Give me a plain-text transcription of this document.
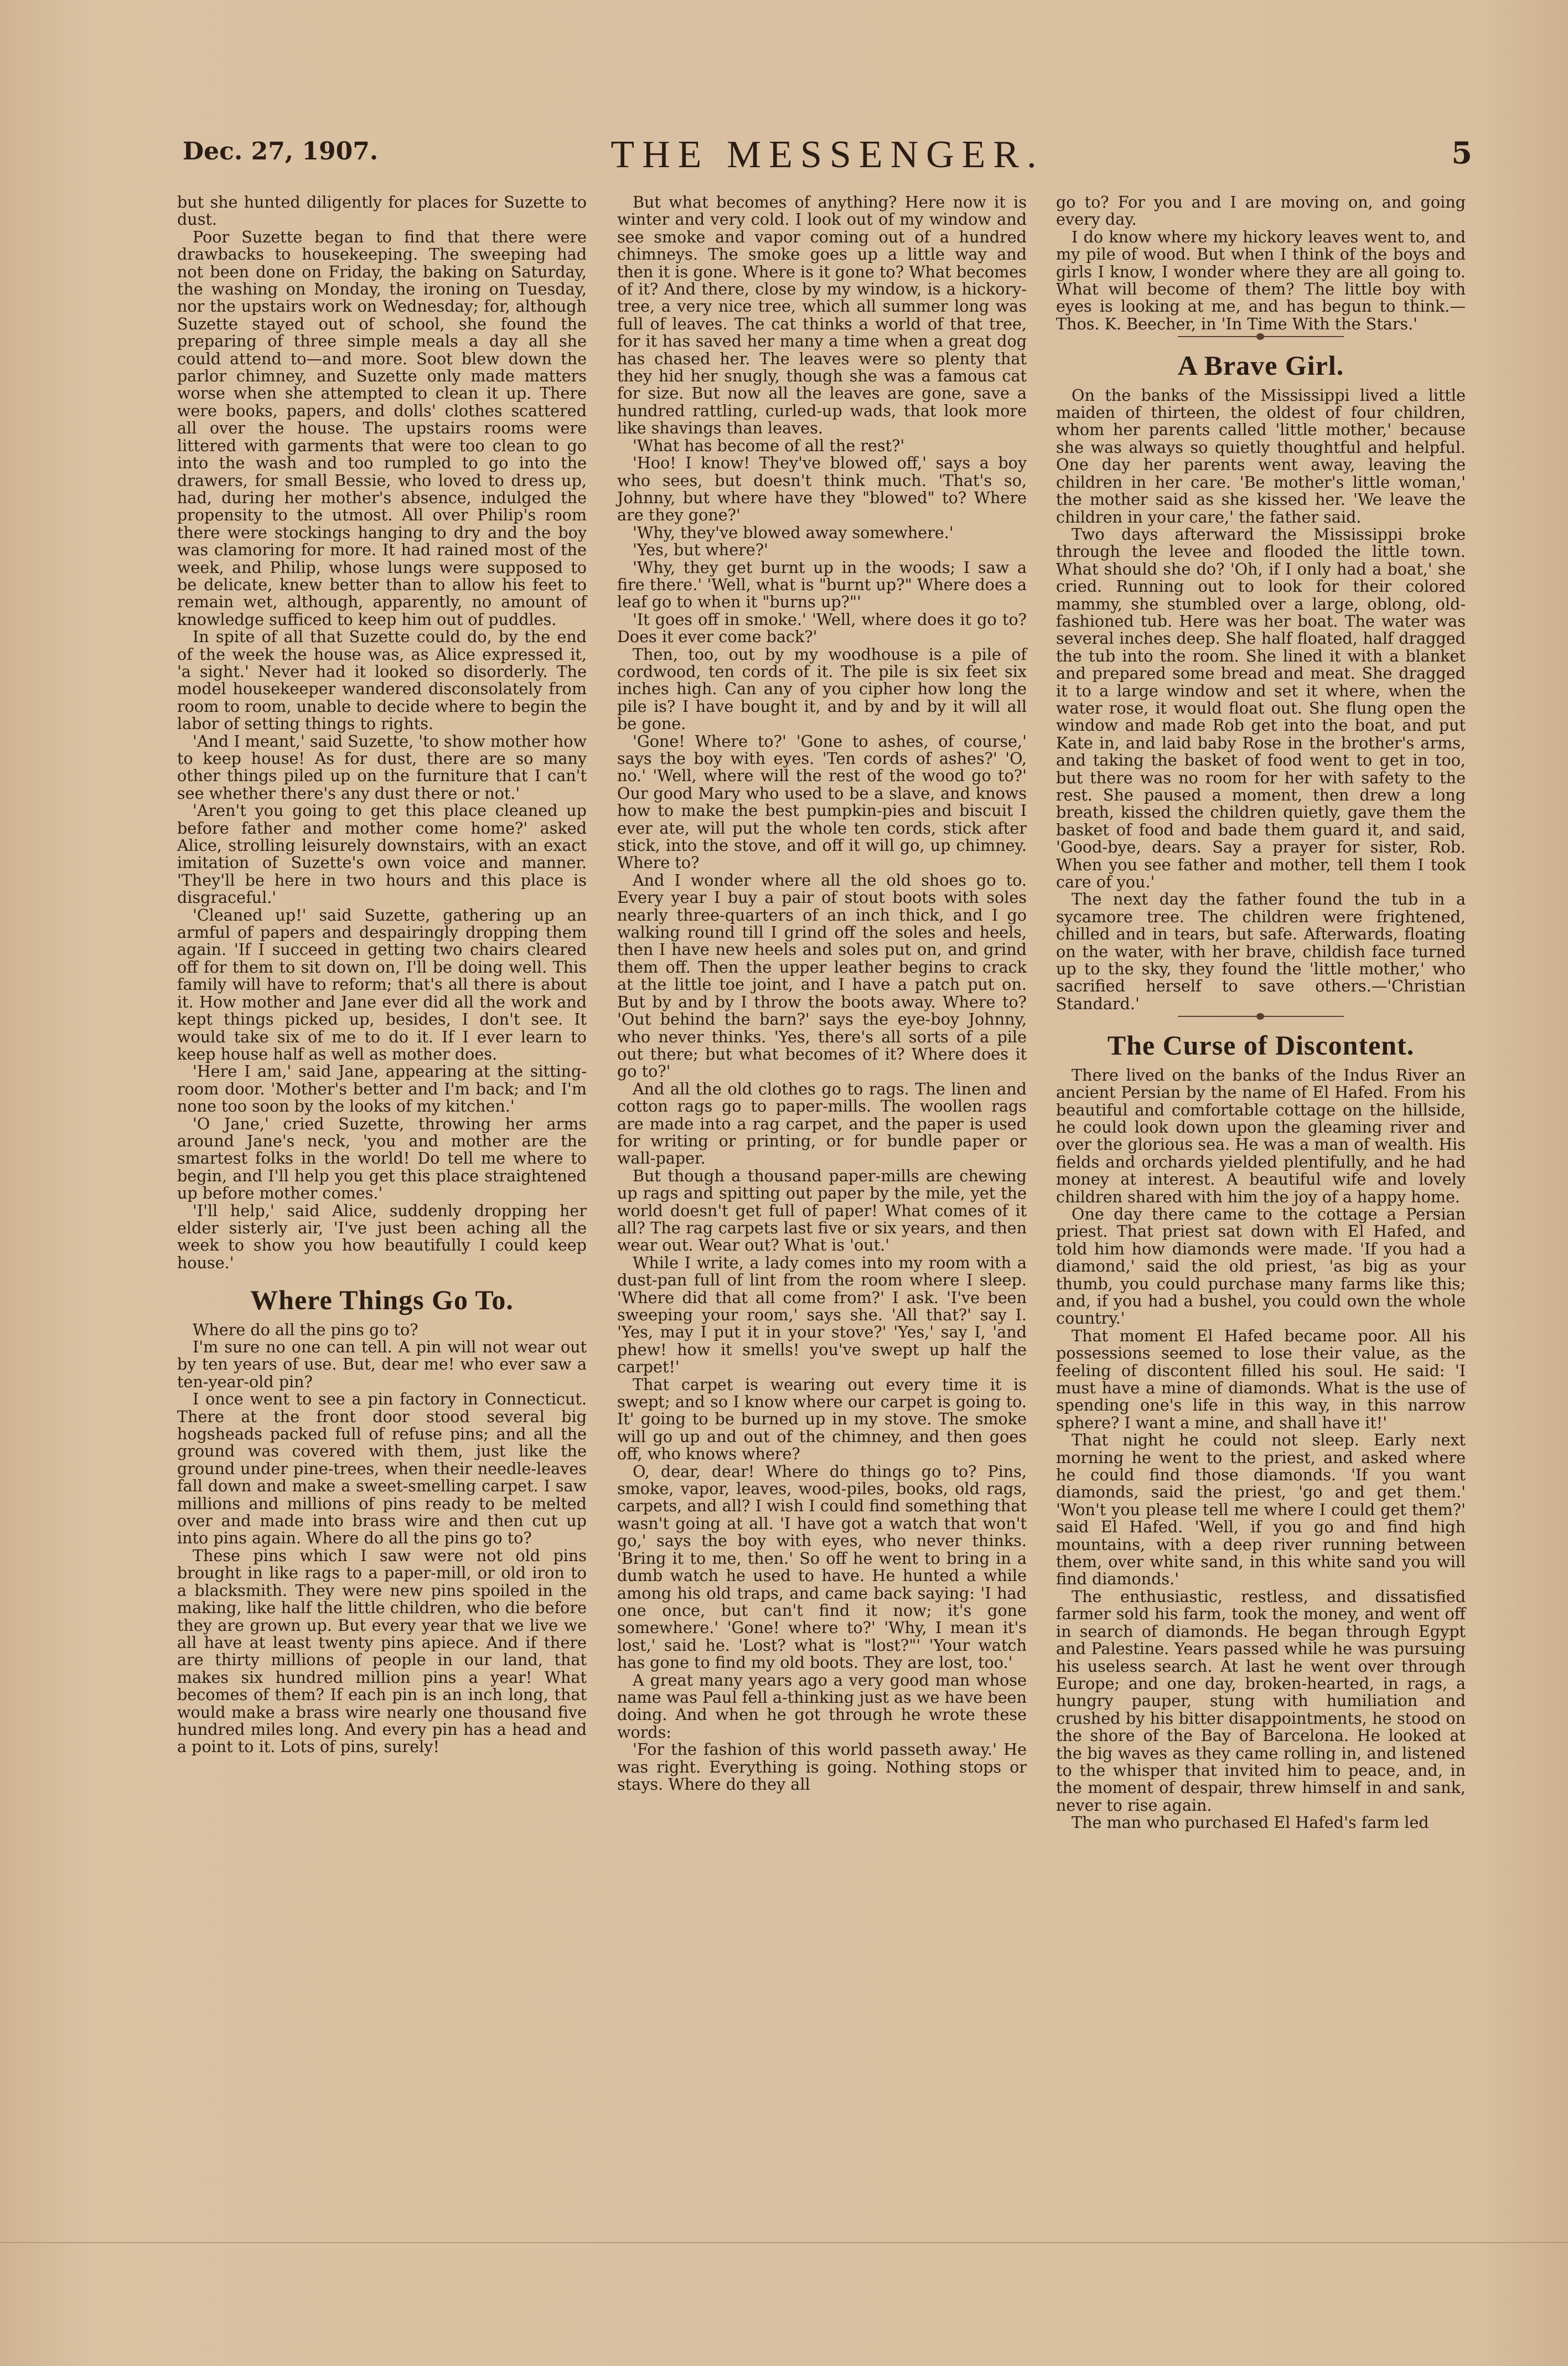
Dec. 27, 1907.	THE MESSENGER.	5

but she hunted diligently for places for Suzette to dust.

Poor Suzette began to find that there were drawbacks to housekeeping. The sweeping had not been done on Friday, the baking on Saturday, the washing on Monday, the ironing on Tuesday, nor the upstairs work on Wednesday; for, although Suzette stayed out of school, she found the preparing of three simple meals a day all she could attend to—and more. Soot blew down the parlor chimney, and Suzette only made matters worse when she attempted to clean it up. There were books, papers, and dolls' clothes scattered all over the house. The upstairs rooms were littered with garments that were too clean to go into the wash and too rumpled to go into the drawers, for small Bessie, who loved to dress up, had, during her mother's absence, indulged the propensity to the utmost. All over Philip's room there were stockings hanging to dry and the boy was clamoring for more. It had rained most of the week, and Philip, whose lungs were supposed to be delicate, knew better than to allow his feet to remain wet, although, apparently, no amount of knowledge sufficed to keep him out of puddles.

In spite of all that Suzette could do, by the end of the week the house was, as Alice expressed it, 'a sight.' Never had it looked so disorderly. The model housekeeper wandered disconsolately from room to room, unable to decide where to begin the labor of setting things to rights.

'And I meant,' said Suzette, 'to show mother how to keep house! As for dust, there are so many other things piled up on the furniture that I can't see whether there's any dust there or not.'

'Aren't you going to get this place cleaned up before father and mother come home?' asked Alice, strolling leisurely downstairs, with an exact imitation of Suzette's own voice and manner. 'They'll be here in two hours and this place is disgraceful.'

'Cleaned up!' said Suzette, gathering up an armful of papers and despairingly dropping them again. 'If I succeed in getting two chairs cleared off for them to sit down on, I'll be doing well. This family will have to reform; that's all there is about it. How mother and Jane ever did all the work and kept things picked up, besides, I don't see. It would take six of me to do it. If I ever learn to keep house half as well as mother does.

'Here I am,' said Jane, appearing at the sitting-room door. 'Mother's better and I'm back; and I'm none too soon by the looks of my kitchen.'

'O Jane,' cried Suzette, throwing her arms around Jane's neck, 'you and mother are the smartest folks in the world! Do tell me where to begin, and I'll help you get this place straightened up before mother comes.'

'I'll help,' said Alice, suddenly dropping her elder sisterly air, 'I've just been aching all the week to show you how beautifully I could keep house.'

Where Things Go To.

Where do all the pins go to?

I'm sure no one can tell. A pin will not wear out by ten years of use. But, dear me! who ever saw a ten-year-old pin?

I once went to see a pin factory in Connecticut. There at the front door stood several big hogsheads packed full of refuse pins; and all the ground was covered with them, just like the ground under pine-trees, when their needle-leaves fall down and make a sweet-smelling carpet. I saw millions and millions of pins ready to be melted over and made into brass wire and then cut up into pins again. Where do all the pins go to?

These pins which I saw were not old pins brought in like rags to a paper-mill, or old iron to a blacksmith. They were new pins spoiled in the making, like half the little children, who die before they are grown up. But every year that we live we all have at least twenty pins apiece. And if there are thirty millions of people in our land, that makes six hundred million pins a year! What becomes of them? If each pin is an inch long, that would make a brass wire nearly one thousand five hundred miles long. And every pin has a head and a point to it. Lots of pins, surely!

But what becomes of anything? Here now it is winter and very cold. I look out of my window and see smoke and vapor coming out of a hundred chimneys. The smoke goes up a little way and then it is gone. Where is it gone to? What becomes of it? And there, close by my window, is a hickory-tree, a very nice tree, which all summer long was full of leaves. The cat thinks a world of that tree, for it has saved her many a time when a great dog has chased her. The leaves were so plenty that they hid her snugly, though she was a famous cat for size. But now all the leaves are gone, save a hundred rattling, curled-up wads, that look more like shavings than leaves.

'What has become of all the rest?'

'Hoo! I know! They've blowed off,' says a boy who sees, but doesn't think much. 'That's so, Johnny, but where have they "blowed" to? Where are they gone?'

'Why, they've blowed away somewhere.'

'Yes, but where?'

'Why, they get burnt up in the woods; I saw a fire there.' 'Well, what is "burnt up?" Where does a leaf go to when it "burns up?"'

'It goes off in smoke.' 'Well, where does it go to? Does it ever come back?'

Then, too, out by my woodhouse is a pile of cordwood, ten cords of it. The pile is six feet six inches high. Can any of you cipher how long the pile is? I have bought it, and by and by it will all be gone.

'Gone! Where to?' 'Gone to ashes, of course,' says the boy with eyes. 'Ten cords of ashes?' 'O, no.' 'Well, where will the rest of the wood go to?' Our good Mary who used to be a slave, and knows how to make the best pumpkin-pies and biscuit I ever ate, will put the whole ten cords, stick after stick, into the stove, and off it will go, up chimney. Where to?

And I wonder where all the old shoes go to. Every year I buy a pair of stout boots with soles nearly three-quarters of an inch thick, and I go walking round till I grind off the soles and heels, then I have new heels and soles put on, and grind them off. Then the upper leather begins to crack at the little toe joint, and I have a patch put on. But by and by I throw the boots away. Where to? 'Out behind the barn?' says the eye-boy Johnny, who never thinks. 'Yes, there's all sorts of a pile out there; but what becomes of it? Where does it go to?'

And all the old clothes go to rags. The linen and cotton rags go to paper-mills. The woollen rags are made into a rag carpet, and the paper is used for writing or printing, or for bundle paper or wall-paper.

But though a thousand paper-mills are chewing up rags and spitting out paper by the mile, yet the world doesn't get full of paper! What comes of it all? The rag carpets last five or six years, and then wear out. Wear out? What is 'out.'

While I write, a lady comes into my room with a dust-pan full of lint from the room where I sleep. 'Where did that all come from?' I ask. 'I've been sweeping your room,' says she. 'All that?' say I. 'Yes, may I put it in your stove?' 'Yes,' say I, 'and phew! how it smells! you've swept up half the carpet!'

That carpet is wearing out every time it is swept; and so I know where our carpet is going to. It' going to be burned up in my stove. The smoke will go up and out of the chimney, and then goes off, who knows where?

O, dear, dear! Where do things go to? Pins, smoke, vapor, leaves, wood-piles, books, old rags, carpets, and all? I wish I could find something that wasn't going at all. 'I have got a watch that won't go,' says the boy with eyes, who never thinks. 'Bring it to me, then.' So off he went to bring in a dumb watch he used to have. He hunted a while among his old traps, and came back saying: 'I had one once, but can't find it now; it's gone somewhere.' 'Gone! where to?' 'Why, I mean it's lost,' said he. 'Lost? what is "lost?"' 'Your watch has gone to find my old boots. They are lost, too.'

A great many years ago a very good man whose name was Paul fell a-thinking just as we have been doing. And when he got through he wrote these words:

'For the fashion of this world passeth away.' He was right. Everything is going. Nothing stops or stays. Where do they all

go to? For you and I are moving on, and going every day.

I do know where my hickory leaves went to, and my pile of wood. But when I think of the boys and girls I know, I wonder where they are all going to. What will become of them? The little boy with eyes is looking at me, and has begun to think.—Thos. K. Beecher, in 'In Time With the Stars.'

A Brave Girl.

On the banks of the Mississippi lived a little maiden of thirteen, the oldest of four children, whom her parents called 'little mother,' because she was always so quietly thoughtful and helpful. One day her parents went away, leaving the children in her care. 'Be mother's little woman,' the mother said as she kissed her. 'We leave the children in your care,' the father said.

Two days afterward the Mississippi broke through the levee and flooded the little town. What should she do? 'Oh, if I only had a boat,' she cried. Running out to look for their colored mammy, she stumbled over a large, oblong, old-fashioned tub. Here was her boat. The water was several inches deep. She half floated, half dragged the tub into the room. She lined it with a blanket and prepared some bread and meat. She dragged it to a large window and set it where, when the water rose, it would float out. She flung open the window and made Rob get into the boat, and put Kate in, and laid baby Rose in the brother's arms, and taking the basket of food went to get in too, but there was no room for her with safety to the rest. She paused a moment, then drew a long breath, kissed the children quietly, gave them the basket of food and bade them guard it, and said, 'Good-bye, dears. Say a prayer for sister, Rob. When you see father and mother, tell them I took care of you.'

The next day the father found the tub in a sycamore tree. The children were frightened, chilled and in tears, but safe. Afterwards, floating on the water, with her brave, childish face turned up to the sky, they found the 'little mother,' who sacrified herself to save others.—'Christian Standard.'

The Curse of Discontent.

There lived on the banks of the Indus River an ancient Persian by the name of El Hafed. From his beautiful and comfortable cottage on the hillside, he could look down upon the gleaming river and over the glorious sea. He was a man of wealth. His fields and orchards yielded plentifully, and he had money at interest. A beautiful wife and lovely children shared with him the joy of a happy home.

One day there came to the cottage a Persian priest. That priest sat down with El Hafed, and told him how diamonds were made. 'If you had a diamond,' said the old priest, 'as big as your thumb, you could purchase many farms like this; and, if you had a bushel, you could own the whole country.'

That moment El Hafed became poor. All his possessions seemed to lose their value, as the feeling of discontent filled his soul. He said: 'I must have a mine of diamonds. What is the use of spending one's life in this way, in this narrow sphere? I want a mine, and shall have it!'

That night he could not sleep. Early next morning he went to the priest, and asked where he could find those diamonds. 'If you want diamonds, said the priest, 'go and get them.' 'Won't you please tell me where I could get them?' said El Hafed. 'Well, if you go and find high mountains, with a deep river running between them, over white sand, in this white sand you will find diamonds.'

The enthusiastic, restless, and dissatisfied farmer sold his farm, took the money, and went off in search of diamonds. He began through Egypt and Palestine. Years passed while he was pursuing his useless search. At last he went over through Europe; and one day, broken-hearted, in rags, a hungry pauper, stung with humiliation and crushed by his bitter disappointments, he stood on the shore of the Bay of Barcelona. He looked at the big waves as they came rolling in, and listened to the whisper that invited him to peace, and, in the moment of despair, threw himself in and sank, never to rise again.

The man who purchased El Hafed's farm led
